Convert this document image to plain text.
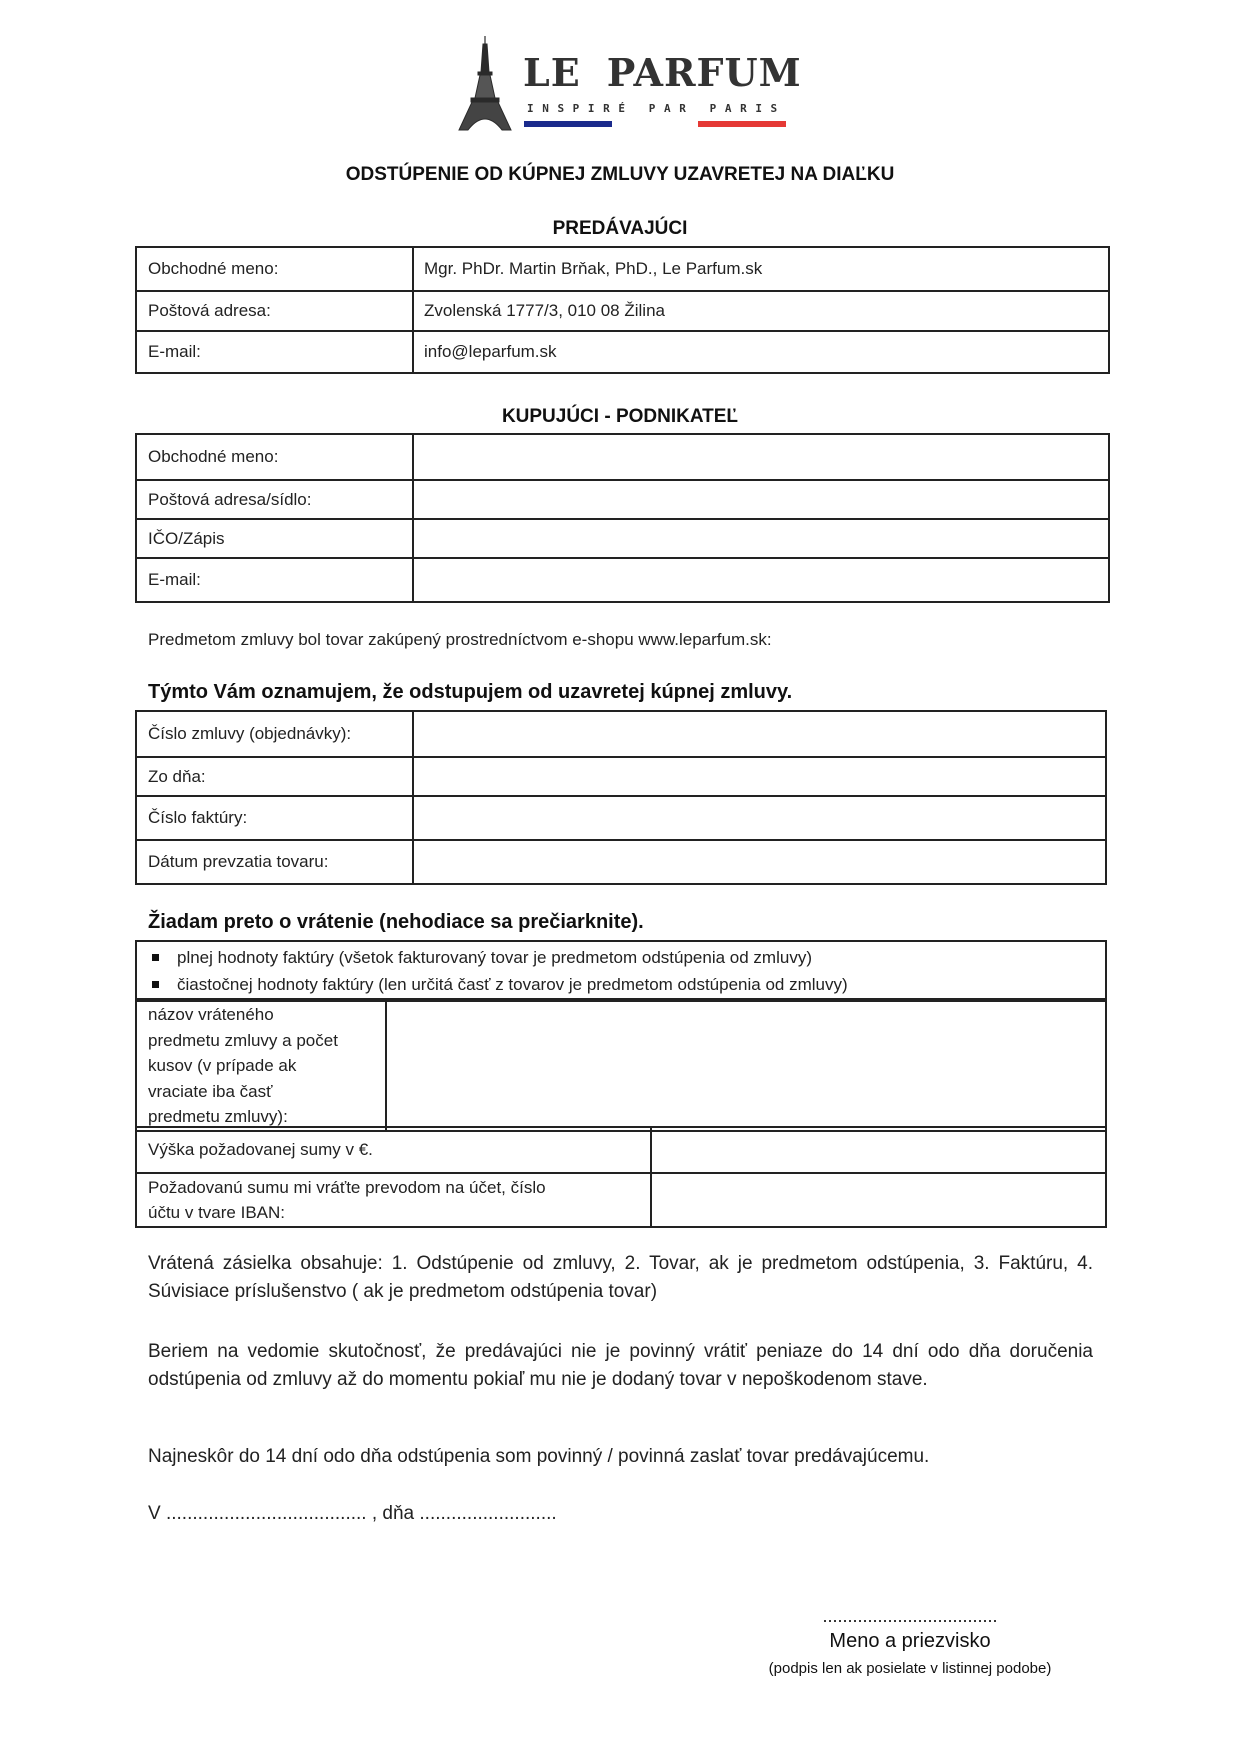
LE PARFUM
INSPIRÉ PAR PARIS
ODSTÚPENIE OD KÚPNEJ ZMLUVY UZAVRETEJ NA DIAĽKU
PREDÁVAJÚCI
Obchodné meno:	Mgr. PhDr. Martin Brňak, PhD., Le Parfum.sk
Poštová adresa:	Zvolenská 1777/3, 010 08 Žilina
E-mail:	info@leparfum.sk
KUPUJÚCI - PODNIKATEĽ
Obchodné meno:	
Poštová adresa/sídlo:	
IČO/Zápis	
E-mail:	
Predmetom zmluvy bol tovar zakúpený prostredníctvom e-shopu www.leparfum.sk:
Týmto Vám oznamujem, že odstupujem od uzavretej kúpnej zmluvy.
Číslo zmluvy (objednávky):	
Zo dňa:	
Číslo faktúry:	
Dátum prevzatia tovaru:	
Žiadam preto o vrátenie (nehodiace sa prečiarknite).
plnej hodnoty faktúry (všetok fakturovaný tovar je predmetom odstúpenia od zmluvy)
čiastočnej hodnoty faktúry (len určitá časť z tovarov je predmetom odstúpenia od zmluvy)
názov vráteného
predmetu zmluvy a počet
kusov (v prípade ak
vraciate iba časť
predmetu zmluvy):

Výška požadovanej sumy v €.	

Požadovanú sumu mi vráťte prevodom na účet, číslo
účtu v tvare IBAN:	

Vrátená zásielka obsahuje: 1. Odstúpenie od zmluvy, 2. Tovar, ak je predmetom odstúpenia, 3. Faktúru, 4. Súvisiace príslušenstvo ( ak je predmetom odstúpenia tovar)
Beriem na vedomie skutočnosť, že predávajúci nie je povinný vrátiť peniaze do 14 dní odo dňa doručenia odstúpenia od zmluvy až do momentu pokiaľ mu nie je dodaný tovar v nepoškodenom stave.
Najneskôr do 14 dní odo dňa odstúpenia som povinný / povinná zaslať tovar predávajúcemu.
V ...................................... , dňa ..........................
...................................
Meno a priezvisko
(podpis len ak posielate v listinnej podobe)
